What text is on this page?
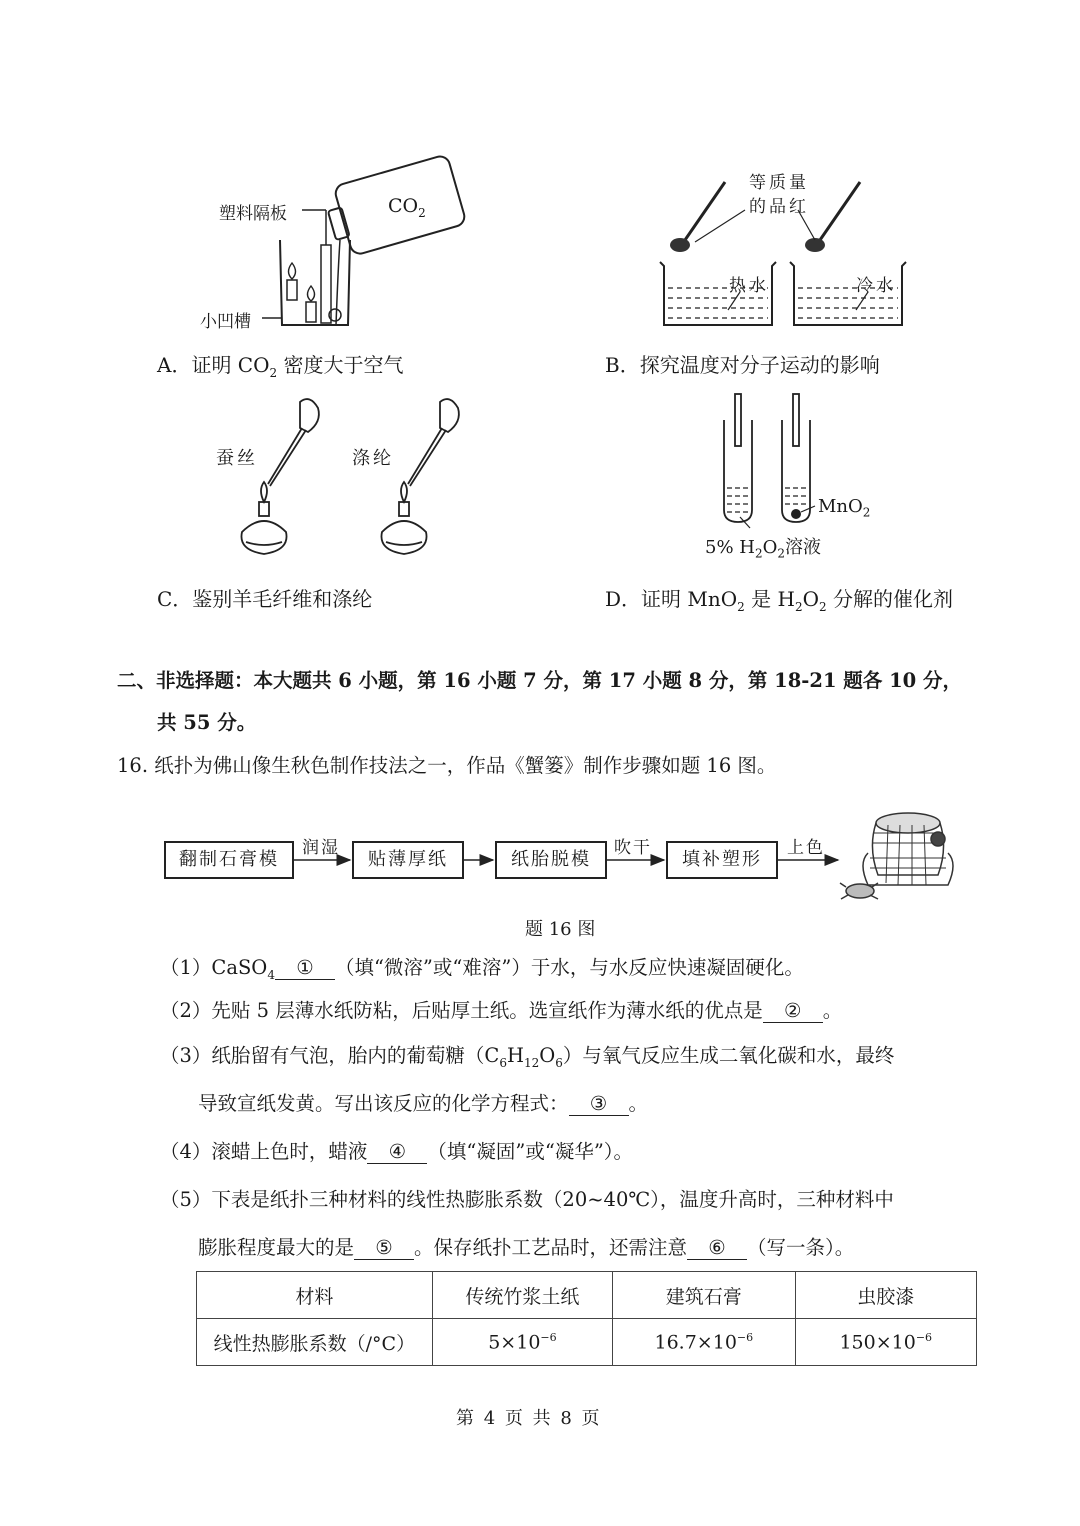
塑料隔板	$CO_2$
小凹槽
A．证明 $CO_2$ 密度大于空气
等质量
的品红
热水	冷水
B．探究温度对分子运动的影响
蚕丝	涤纶
C．鉴别羊毛纤维和涤纶
MnO$_2$
5% $H_2O_2$溶液
D．证明 MnO$_2$ 是 $H_2O_2$ 分解的催化剂
二、非选择题：本大题共 6 小题，第 16 小题 7 分，第 17 小题 8 分，第 18-21 题各 10 分，
共 55 分。
16. 纸扑为佛山像生秋色制作技法之一，作品《蟹篓》制作步骤如题 16 图。
翻制石膏模	贴薄厚纸	纸胎脱模	填补塑形
润湿	吹干	上色
题 16 图
（1）CaSO$_4$ ① （填“微溶”或“难溶”）于水，与水反应快速凝固硬化。
（2）先贴 5 层薄水纸防粘，后贴厚土纸。选宣纸作为薄水纸的优点是 ② 。
（3）纸胎留有气泡，胎内的葡萄糖$(C_6H_{12}O_6)$与氧气反应生成二氧化碳和水，最终
导致宣纸发黄。写出该反应的化学方程式： ③ 。
（4）滚蜡上色时，蜡液 ④ （填“凝固”或“凝华”）。
（5）下表是纸扑三种材料的线性热膨胀系数（20~40℃），温度升高时，三种材料中
膨胀程度最大的是 ⑤ 。保存纸扑工艺品时，还需注意 ⑥ （写一条）。
材料	传统竹浆土纸	建筑石膏	虫胶漆
线性热膨胀系数（/°C）	$5\times 10^{-6}$	$16.7\times 10^{-6}$	$150\times 10^{-6}$
第 4 页 共 8 页
